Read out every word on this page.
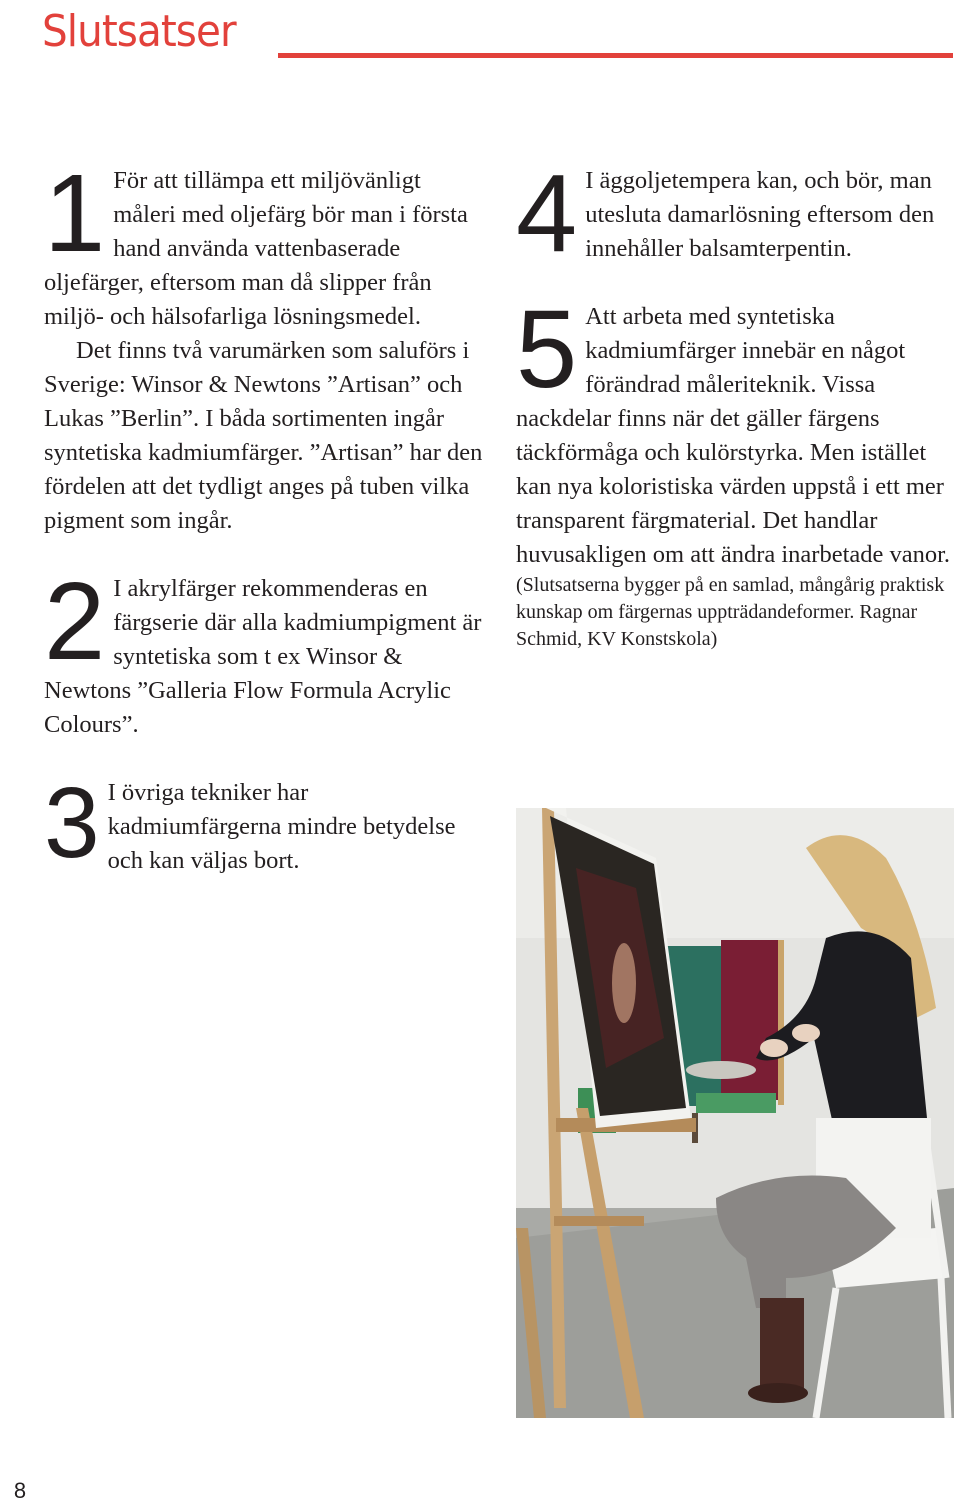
Slutsatser
1 För att tillämpa ett miljövänligt måleri med oljefärg bör man i första hand använda vattenbaserade oljefärger, eftersom man då slipper från miljö- och hälsofarliga lösningsmedel.

Det finns två varumärken som saluförs i Sverige: Winsor & Newtons ”Artisan” och Lukas ”Berlin”. I båda sortimenten ingår syntetiska kadmiumfärger. ”Artisan” har den fördelen att det tydligt anges på tuben vilka pigment som ingår.

2 I akrylfärger rekommenderas en färgserie där alla kadmiumpigment är syntetiska som t ex Winsor & Newtons ”Galleria Flow Formula Acrylic Colours”.

3 I övriga tekniker har kadmiumfärgerna mindre betydelse och kan väljas bort.

4 I äggoljetempera kan, och bör, man utesluta damarlösning eftersom den innehåller balsamterpentin.

5 Att arbeta med syntetiska kadmiumfärger innebär en något förändrad måleriteknik. Vissa nackdelar finns när det gäller färgens täckförmåga och kulörstyrka. Men istället kan nya koloristiska värden uppstå i ett mer transparent färgmaterial. Det handlar huvusakligen om att ändra inarbetade vanor.

(Slutsatserna bygger på en samlad, mångårig praktisk kunskap om färgernas uppträdandeformer. Ragnar Schmid, KV Konstskola)

8
